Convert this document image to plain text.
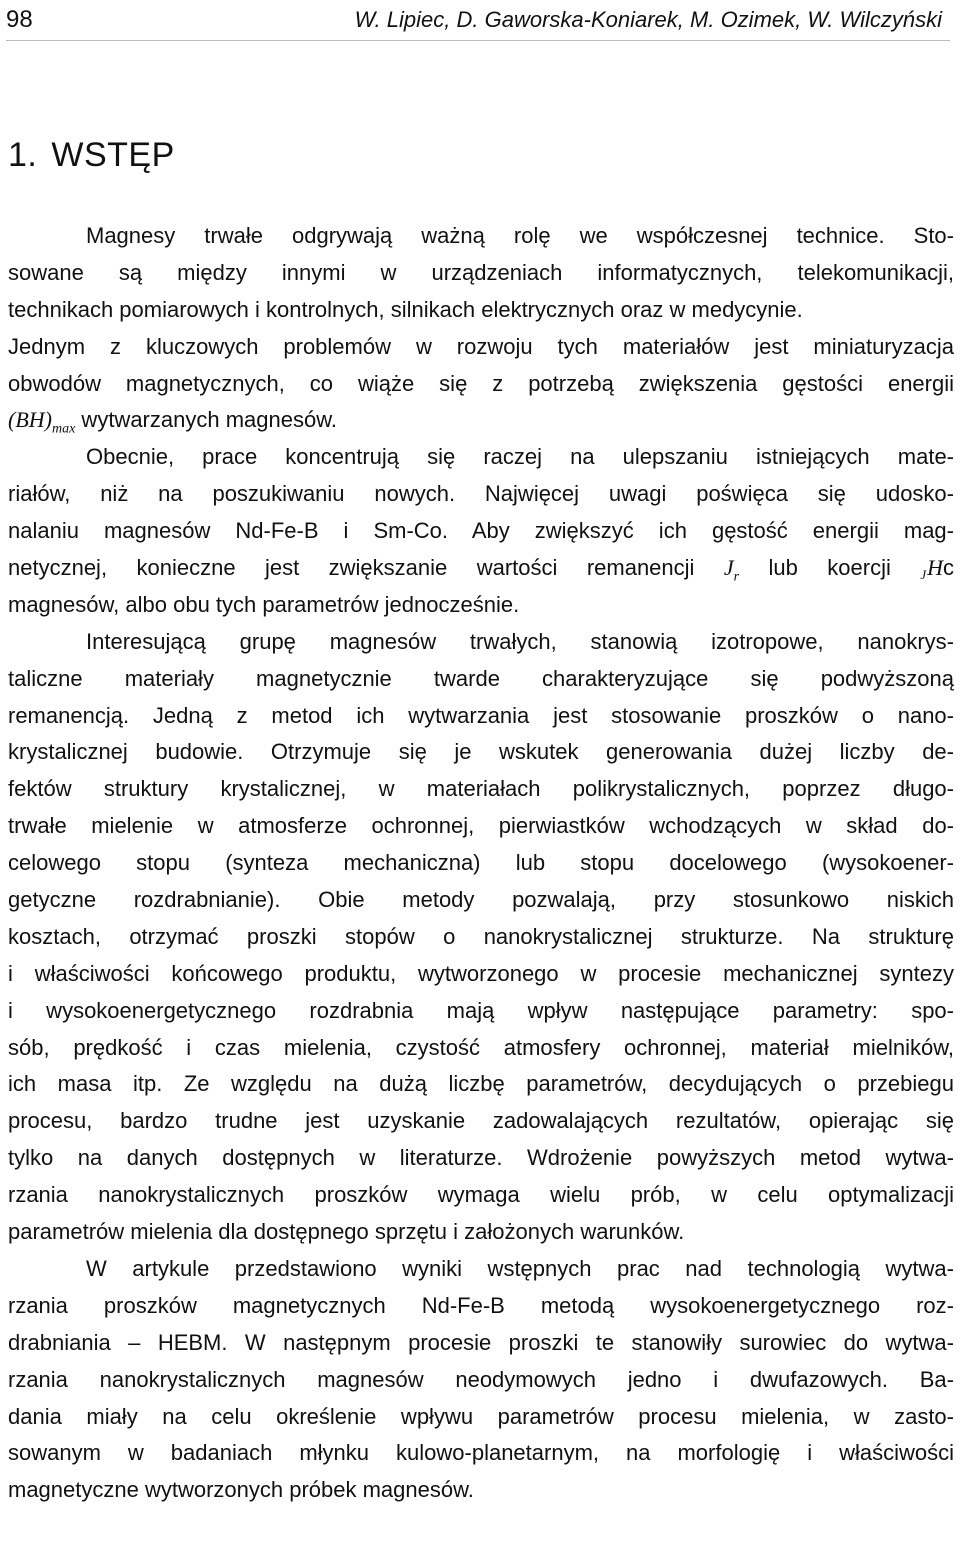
98	W. Lipiec, D. Gaworska-Koniarek, M. Ozimek, W. Wilczyński
1. WSTĘP
Magnesy trwałe odgrywają ważną rolę we współczesnej technice. Sto-
sowane są między innymi w urządzeniach informatycznych, telekomunikacji,
technikach pomiarowych i kontrolnych, silnikach elektrycznych oraz w medycynie.
Jednym z kluczowych problemów w rozwoju tych materiałów jest miniaturyzacja
obwodów magnetycznych, co wiąże się z potrzebą zwiększenia gęstości energii
$(BH)_{max}$ wytwarzanych magnesów.
Obecnie, prace koncentrują się raczej na ulepszaniu istniejących mate-
riałów, niż na poszukiwaniu nowych. Najwięcej uwagi poświęca się udosko-
nalaniu magnesów Nd-Fe-B i Sm-Co. Aby zwiększyć ich gęstość energii mag-
netycznej, konieczne jest zwiększanie wartości remanencji $J_r$ lub koercji JHc
magnesów, albo obu tych parametrów jednocześnie.
Interesującą grupę magnesów trwałych, stanowią izotropowe, nanokrys-
taliczne materiały magnetycznie twarde charakteryzujące się podwyższoną
remanencją. Jedną z metod ich wytwarzania jest stosowanie proszków o nano-
krystalicznej budowie. Otrzymuje się je wskutek generowania dużej liczby de-
fektów struktury krystalicznej, w materiałach polikrystalicznych, poprzez długo-
trwałe mielenie w atmosferze ochronnej, pierwiastków wchodzących w skład do-
celowego stopu (synteza mechaniczna) lub stopu docelowego (wysokoener-
getyczne rozdrabnianie). Obie metody pozwalają, przy stosunkowo niskich
kosztach, otrzymać proszki stopów o nanokrystalicznej strukturze. Na strukturę
i właściwości końcowego produktu, wytworzonego w procesie mechanicznej syntezy
i wysokoenergetycznego rozdrabnia mają wpływ następujące parametry: spo-
sób, prędkość i czas mielenia, czystość atmosfery ochronnej, materiał mielników,
ich masa itp. Ze względu na dużą liczbę parametrów, decydujących o przebiegu
procesu, bardzo trudne jest uzyskanie zadowalających rezultatów, opierając się
tylko na danych dostępnych w literaturze. Wdrożenie powyższych metod wytwa-
rzania nanokrystalicznych proszków wymaga wielu prób, w celu optymalizacji
parametrów mielenia dla dostępnego sprzętu i założonych warunków.
W artykule przedstawiono wyniki wstępnych prac nad technologią wytwa-
rzania proszków magnetycznych Nd-Fe-B metodą wysokoenergetycznego roz-
drabniania – HEBM. W następnym procesie proszki te stanowiły surowiec do wytwa-
rzania nanokrystalicznych magnesów neodymowych jedno i dwufazowych. Ba-
dania miały na celu określenie wpływu parametrów procesu mielenia, w zasto-
sowanym w badaniach młynku kulowo-planetarnym, na morfologię i właściwości
magnetyczne wytworzonych próbek magnesów.
